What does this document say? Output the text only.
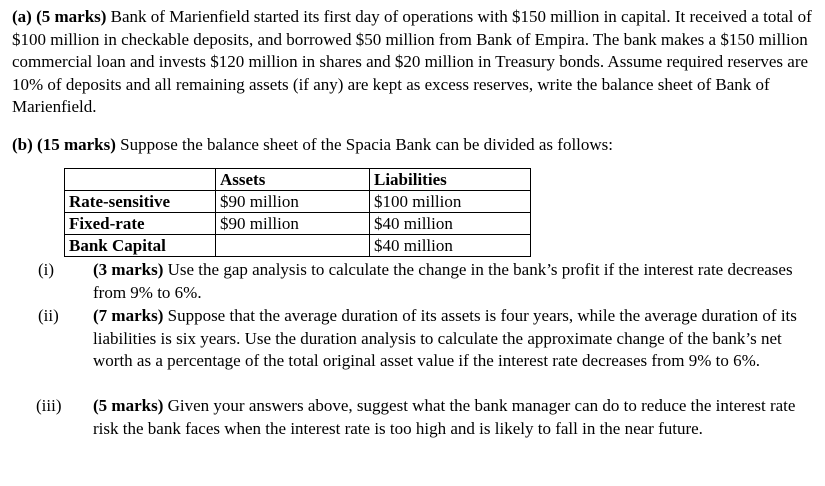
(a) (5 marks) Bank of Marienfield started its first day of operations with $150 million in capital. It received a total of $100 million in checkable deposits, and borrowed $50 million from Bank of Empira. The bank makes a $150 million commercial loan and invests $120 million in shares and $20 million in Treasury bonds. Assume required reserves are 10% of deposits and all remaining assets (if any) are kept as excess reserves, write the balance sheet of Bank of Marienfield.
(b) (15 marks) Suppose the balance sheet of the Spacia Bank can be divided as follows:
	Assets	Liabilities
Rate-sensitive	$90 million	$100 million
Fixed-rate	$90 million	$40 million
Bank Capital		$40 million
(i) (3 marks) Use the gap analysis to calculate the change in the bank’s profit if the interest rate decreases from 9% to 6%.
(ii) (7 marks) Suppose that the average duration of its assets is four years, while the average duration of its liabilities is six years. Use the duration analysis to calculate the approximate change of the bank’s net worth as a percentage of the total original asset value if the interest rate decreases from 9% to 6%.
(iii) (5 marks) Given your answers above, suggest what the bank manager can do to reduce the interest rate risk the bank faces when the interest rate is too high and is likely to fall in the near future.
